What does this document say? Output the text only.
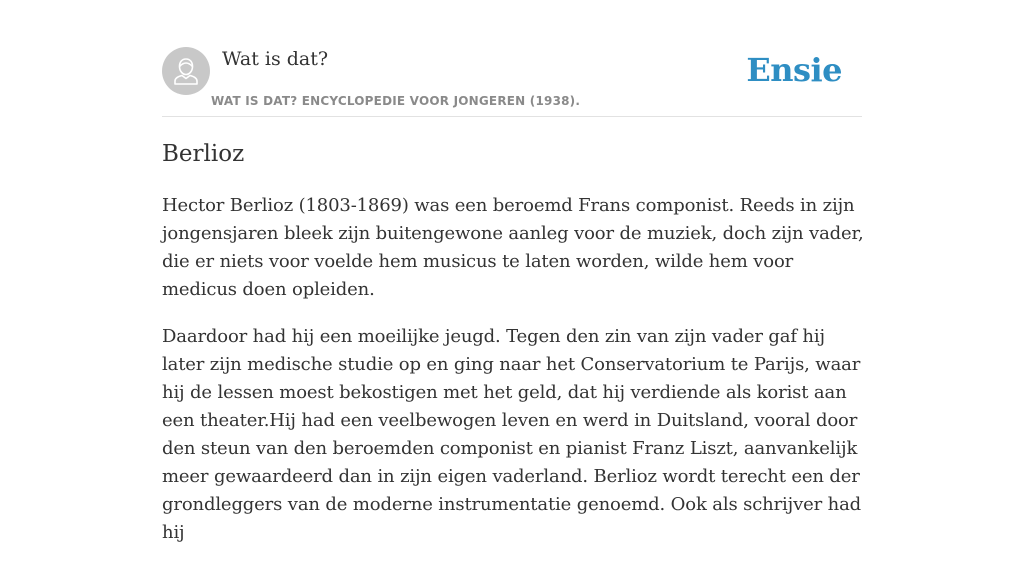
Wat is dat?
WAT IS DAT? ENCYCLOPEDIE VOOR JONGEREN (1938).
Ensie
Berlioz

Hector Berlioz (1803-1869) was een beroemd Frans componist. Reeds in zijn jongensjaren bleek zijn buitengewone aanleg voor de muziek, doch zijn vader, die er niets voor voelde hem musicus te laten worden, wilde hem voor medicus doen opleiden.

Daardoor had hij een moeilijke jeugd. Tegen den zin van zijn vader gaf hij later zijn medische studie op en ging naar het Conservatorium te Parijs, waar hij de lessen moest bekostigen met het geld, dat hij verdiende als korist aan een theater.Hij had een veelbewogen leven en werd in Duitsland, vooral door den steun van den beroemden componist en pianist Franz Liszt, aanvankelijk meer gewaardeerd dan in zijn eigen vaderland. Berlioz wordt terecht een der grondleggers van de moderne instrumentatie genoemd. Ook als schrijver had hij
